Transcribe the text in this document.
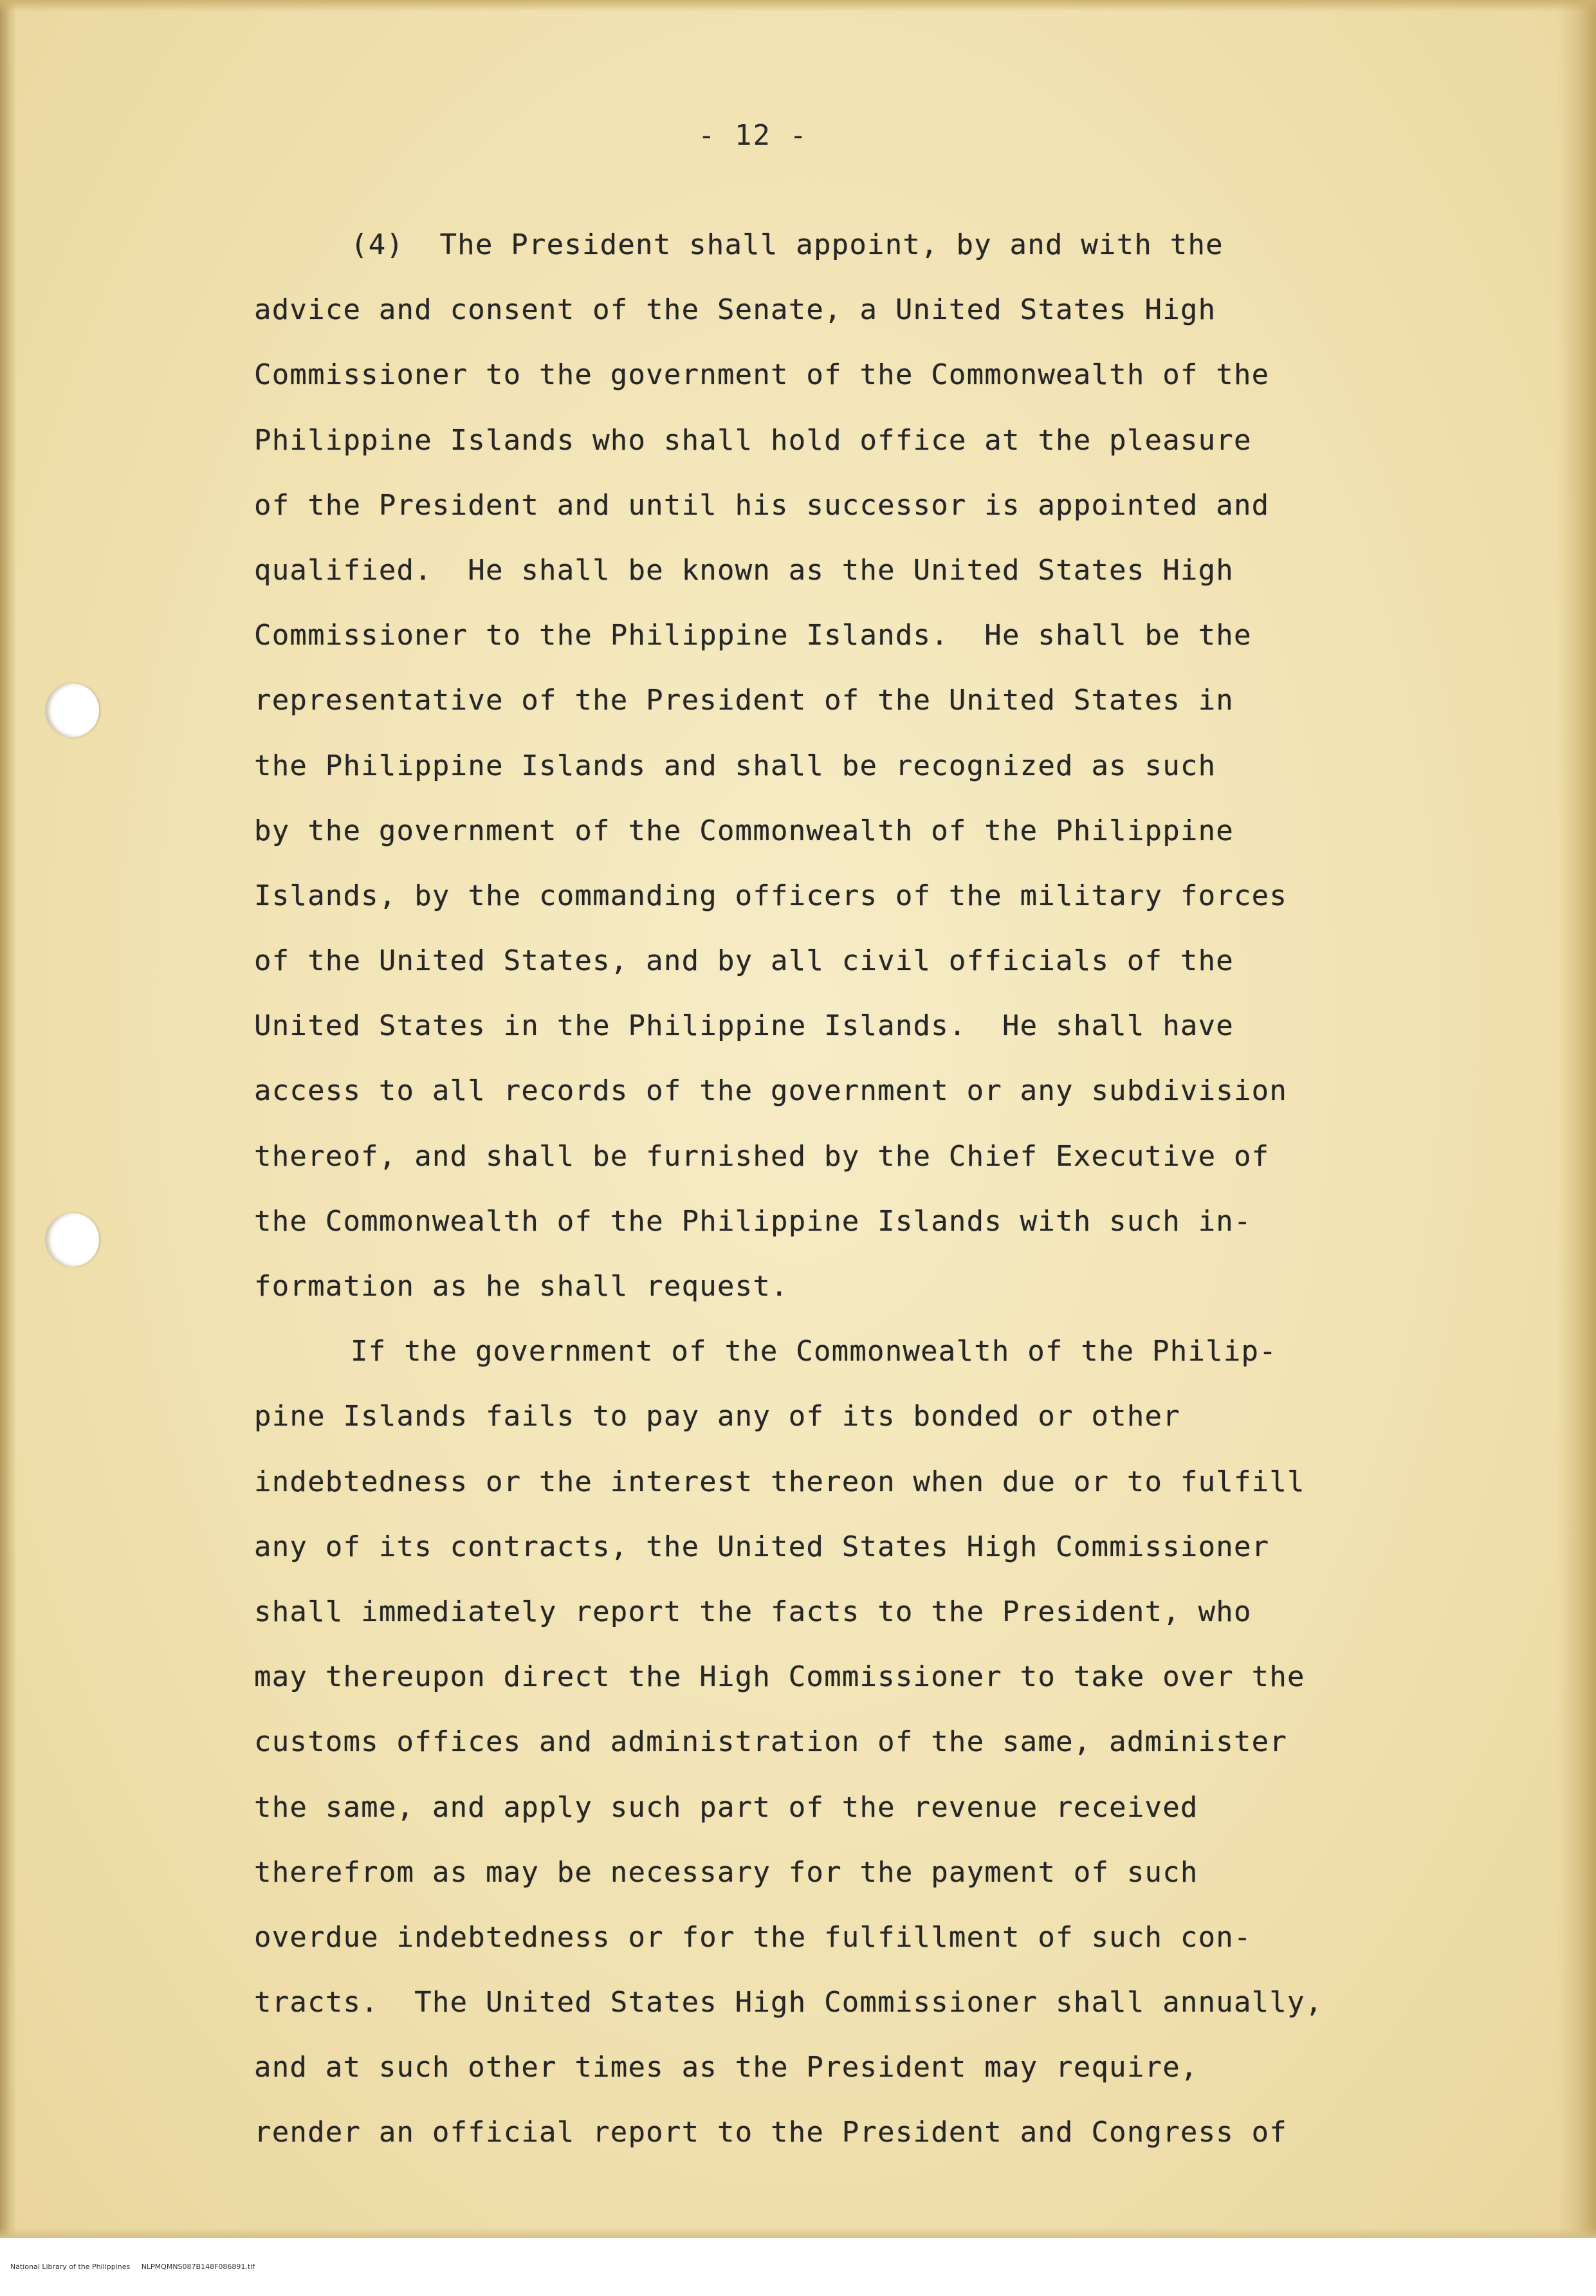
- 12 -
(4)  The President shall appoint, by and with the
advice and consent of the Senate, a United States High
Commissioner to the government of the Commonwealth of the
Philippine Islands who shall hold office at the pleasure
of the President and until his successor is appointed and
qualified.  He shall be known as the United States High
Commissioner to the Philippine Islands.  He shall be the
representative of the President of the United States in
the Philippine Islands and shall be recognized as such
by the government of the Commonwealth of the Philippine
Islands, by the commanding officers of the military forces
of the United States, and by all civil officials of the
United States in the Philippine Islands.  He shall have
access to all records of the government or any subdivision
thereof, and shall be furnished by the Chief Executive of
the Commonwealth of the Philippine Islands with such in-
formation as he shall request.
If the government of the Commonwealth of the Philip-
pine Islands fails to pay any of its bonded or other
indebtedness or the interest thereon when due or to fulfill
any of its contracts, the United States High Commissioner
shall immediately report the facts to the President, who
may thereupon direct the High Commissioner to take over the
customs offices and administration of the same, administer
the same, and apply such part of the revenue received
therefrom as may be necessary for the payment of such
overdue indebtedness or for the fulfillment of such con-
tracts.  The United States High Commissioner shall annually,
and at such other times as the President may require,
render an official report to the President and Congress of

National Library of the Philippines     NLPMQMNS087B148F086891.tif
